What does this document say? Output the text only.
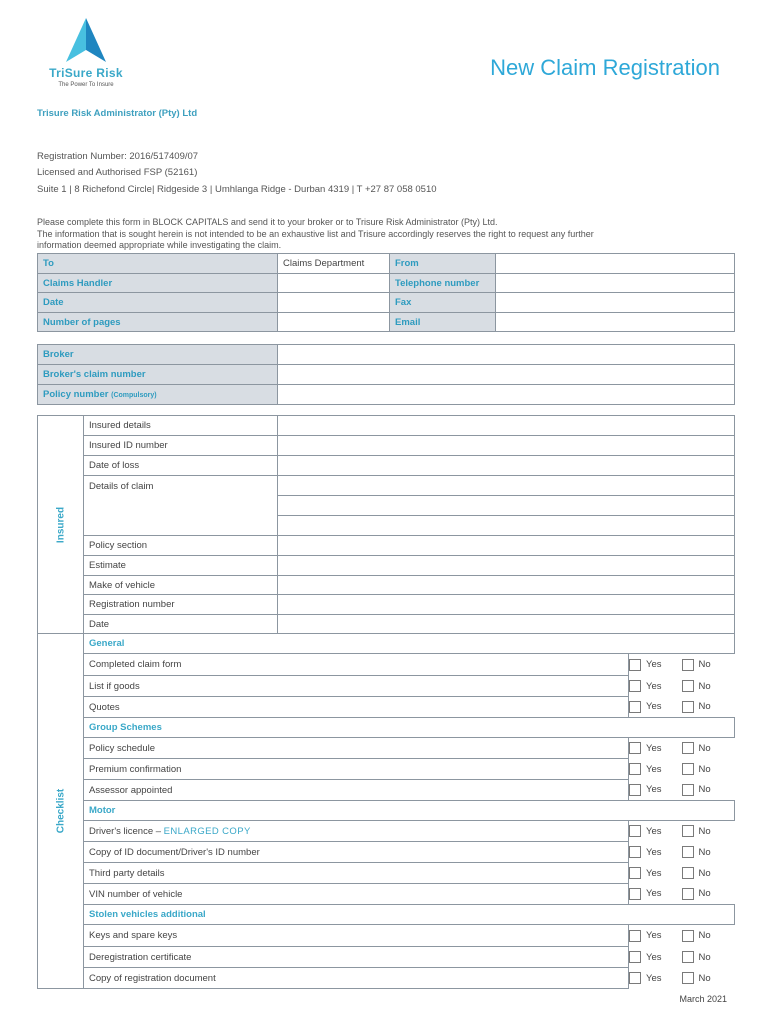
TriSure Risk
The Power To Insure
New Claim Registration
Trisure Risk Administrator (Pty) Ltd
Registration Number: 2016/517409/07
Licensed and Authorised FSP (52161)
Suite 1 | 8 Richefond Circle| Ridgeside 3 | Umhlanga Ridge - Durban 4319 | T +27 87 058 0510
Please complete this form in BLOCK CAPITALS and send it to your broker or to Trisure Risk Administrator (Pty) Ltd.
The information that is sought herein is not intended to be an exhaustive list and Trisure accordingly reserves the right to request any further
information deemed appropriate while investigating the claim.
To	Claims Department	From	
Claims Handler		Telephone number	
Date		Fax	
Number of pages		Email	
Broker	
Broker's claim number	
Policy number (Compulsory)	
Insured	Insured details			
	Insured ID number			
	Date of loss			
	Details of claim			

	Policy section			
	Estimate			
	Make of vehicle			
	Registration number			
	Date			

Checklist	General			
	Completed claim form		Yes	No

	List if goods		Yes	No

	Quotes		Yes	No

	Group Schemes			
	Policy schedule		Yes	No

	Premium confirmation		Yes	No

	Assessor appointed		Yes	No

	Motor			
	Driver's licence – ENLARGED COPY		Yes	No

	Copy of ID document/Driver's ID number		Yes	No

	Third party details		Yes	No

	VIN number of vehicle		Yes	No

	Stolen vehicles additional			
	Keys and spare keys		Yes	No

	Deregistration certificate		Yes	No

	Copy of registration document		Yes	No
March 2021
